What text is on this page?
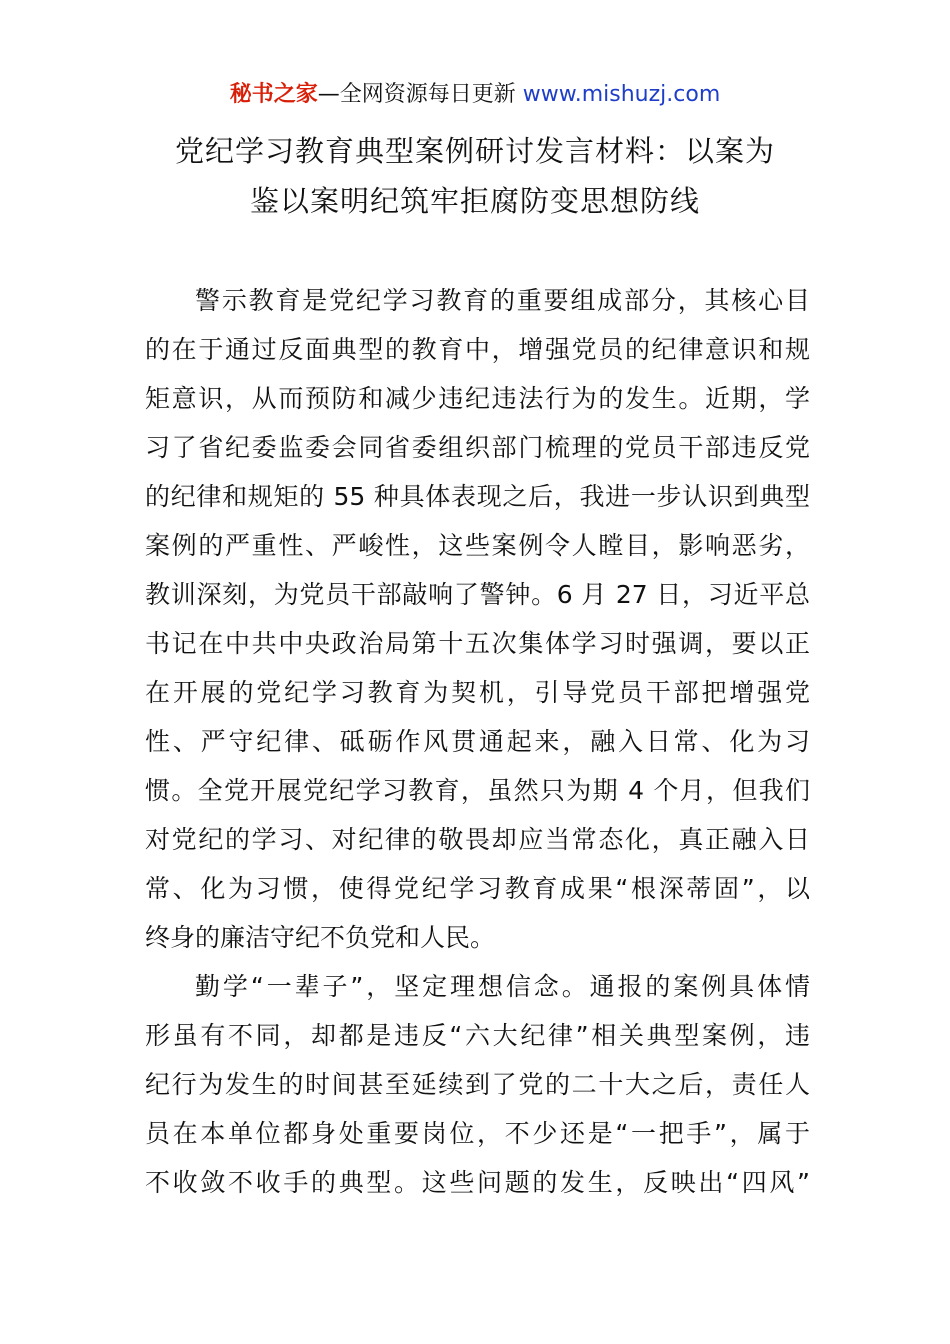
秘书之家—全网资源每日更新 www.mishuzj.com
党纪学习教育典型案例研讨发言材料：以案为
鉴以案明纪筑牢拒腐防变思想防线

警示教育是党纪学习教育的重要组成部分，其核心目
的在于通过反面典型的教育中，增强党员的纪律意识和规
矩意识，从而预防和减少违纪违法行为的发生。近期，学
习了省纪委监委会同省委组织部门梳理的党员干部违反党
的纪律和规矩的 55 种具体表现之后，我进一步认识到典型
案例的严重性、严峻性，这些案例令人瞠目，影响恶劣，
教训深刻，为党员干部敲响了警钟。6 月 27 日，习近平总
书记在中共中央政治局第十五次集体学习时强调，要以正
在开展的党纪学习教育为契机，引导党员干部把增强党
性、严守纪律、砥砺作风贯通起来，融入日常、化为习
惯。全党开展党纪学习教育，虽然只为期 4 个月，但我们
对党纪的学习、对纪律的敬畏却应当常态化，真正融入日
常、化为习惯，使得党纪学习教育成果“根深蒂固”，以
终身的廉洁守纪不负党和人民。

勤学“一辈子”，坚定理想信念。通报的案例具体情
形虽有不同，却都是违反“六大纪律”相关典型案例，违
纪行为发生的时间甚至延续到了党的二十大之后，责任人
员在本单位都身处重要岗位，不少还是“一把手”，属于
不收敛不收手的典型。这些问题的发生，反映出“四风”
